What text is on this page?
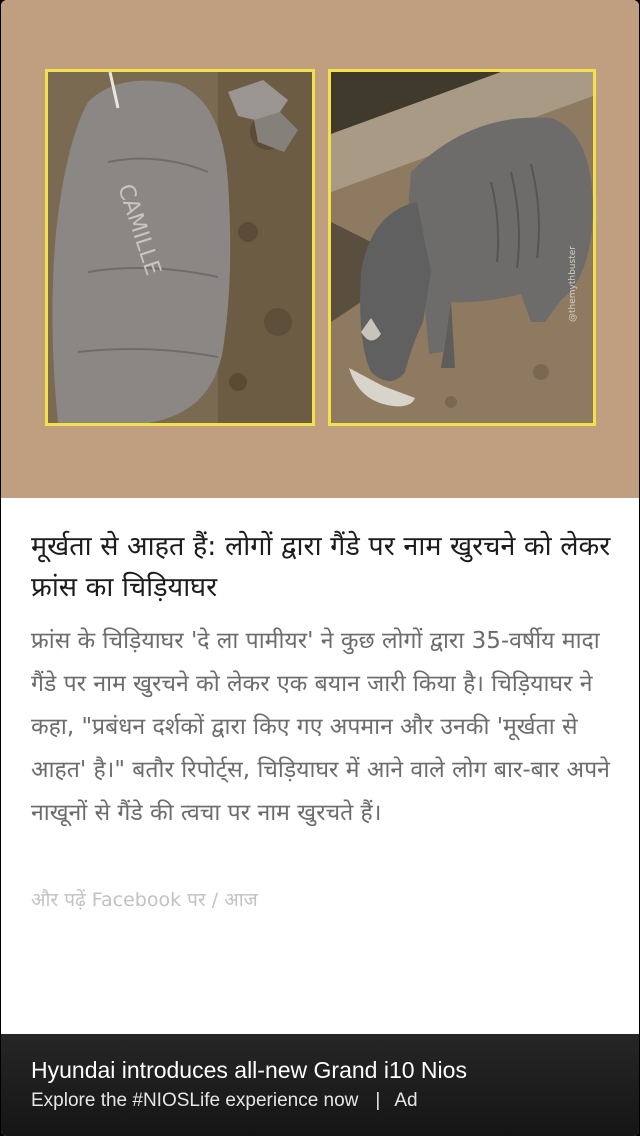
CAMILLE
@themythbuster
मूर्खता से आहत हैं: लोगों द्वारा गैंडे पर नाम खुरचने को लेकर फ्रांस का चिड़ियाघर

फ्रांस के चिड़ियाघर 'दे ला पामीयर' ने कुछ लोगों द्वारा 35-वर्षीय मादा गैंडे पर नाम खुरचने को लेकर एक बयान जारी किया है। चिड़ियाघर ने कहा, "प्रबंधन दर्शकों द्वारा किए गए अपमान और उनकी 'मूर्खता से आहत' है।" बतौर रिपोर्ट्स, चिड़ियाघर में आने वाले लोग बार-बार अपने नाखूनों से गैंडे की त्वचा पर नाम खुरचते हैं।

और पढ़ें Facebook पर / आज
Hyundai introduces all-new Grand i10 Nios
Explore the #NIOSLife experience now | Ad
